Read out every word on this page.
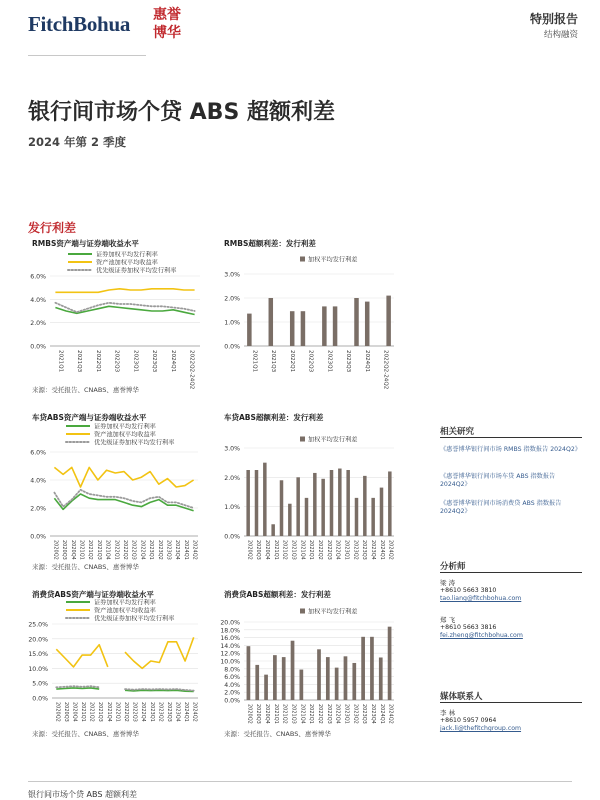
FitchBohua	惠誉
博华
特别报告
结构融资
银行间市场个贷 ABS 超额利差
2024 年第 2 季度
发行利差
RMBS资产端与证券端收益水平
0.0%
2.0%
4.0%
6.0%
2021Q1 2021Q3 2022Q1 2022Q3 2023Q1 2023Q3 2024Q1 2022Q2-24Q2
证券加权平均发行利率
资产池加权平均收益率
优先级证券加权平均发行利率
来源：受托报告、CNABS、惠誉博华
RMBS超额利差：发行利差
0.0%
1.0%
2.0%
3.0%
2021Q1 2021Q3 2022Q1 2022Q3 2023Q1 2023Q3 2024Q1 2022Q2-24Q2
加权平均发行利差
车贷ABS资产端与证券端收益水平
0.0%
2.0%
4.0%
6.0%
2020Q2 2020Q3 2020Q4 2021Q1 2021Q2 2021Q3 2021Q4 2022Q1 2022Q2 2022Q3 2022Q4 2023Q1 2023Q2 2023Q3 2023Q4 2024Q1 2024Q2
证券加权平均发行利率
资产池加权平均收益率
优先级证券加权平均发行利率
来源：受托报告、CNABS、惠誉博华
车贷ABS超额利差：发行利差
0.0%
1.0%
2.0%
3.0%
2020Q2 2020Q3 2020Q4 2021Q1 2021Q2 2021Q3 2021Q4 2022Q1 2022Q2 2022Q3 2022Q4 2023Q1 2023Q2 2023Q3 2023Q4 2024Q1 2024Q2
加权平均发行利差
消费贷ABS资产端与证券端收益水平
0.0%
5.0%
10.0%
15.0%
20.0%
25.0%
2020Q2 2020Q3 2020Q4 2021Q1 2021Q2 2021Q3 2021Q4 2022Q1 2022Q2 2022Q3 2022Q4 2023Q1 2023Q2 2023Q3 2023Q4 2024Q1 2024Q2
证券加权平均发行利率
资产池加权平均收益率
优先级证券加权平均发行利率
来源：受托报告、CNABS、惠誉博华
消费贷ABS超额利差：发行利差
0.0%
2.0%
4.0%
6.0%
8.0%
10.0%
12.0%
14.0%
16.0%
18.0%
20.0%
2020Q2 2020Q3 2020Q4 2021Q1 2021Q2 2021Q3 2021Q4 2022Q1 2022Q2 2022Q3 2022Q4 2023Q1 2023Q2 2023Q3 2023Q4 2024Q1 2024Q2
加权平均发行利差
来源：受托报告、CNABS、惠誉博华
相关研究
《惠誉博华银行间市场 RMBS 指数报告 2024Q2》
《惠誉博华银行间市场车贷 ABS 指数报告 2024Q2》
《惠誉博华银行间市场消费贷 ABS 指数报告 2024Q2》
分析师
梁 涛
+8610 5663 3810
tao.liang@fitchbohua.com
郑 飞
+8610 5663 3816
fei.zheng@fitchbohua.com
媒体联系人
李 林
+8610 5957 0964
jack.li@thefitchgroup.com
银行间市场个贷 ABS 超额利差
